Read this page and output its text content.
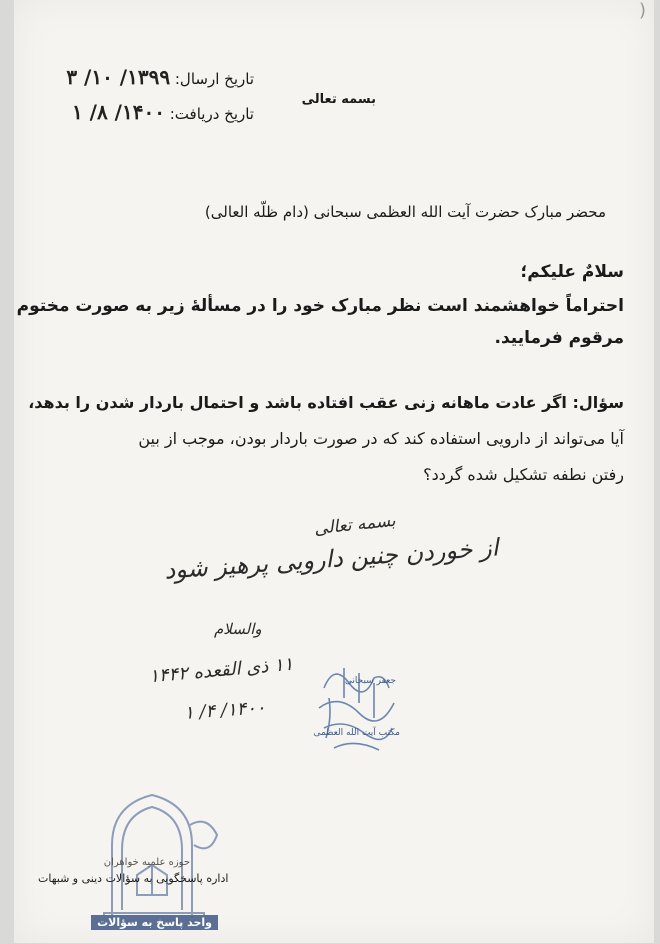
)
تاریخ ارسال: ۱۳۹۹/ ۱۰/ ۳
تاریخ دریافت: ۱۴۰۰/ ۸/ ۱
بسمه تعالی
محضر مبارک حضرت آیت الله العظمی سبحانی (دام ظلّه العالی)
سلامٌ علیکم؛
احتراماً خواهشمند است نظر مبارک خود را در مسألهٔ زیر به صورت مختوم
مرقوم فرمایید.
سؤال: اگر عادت ماهانه زنی عقب افتاده باشد و احتمال باردار شدن را بدهد،
آیا می‌تواند از دارویی استفاده کند که در صورت باردار بودن، موجب از بین
رفتن نطفه تشکیل شده گردد؟
بسمه تعالی
از خوردن چنین دارویی پرهیز شود
والسلام
۱۱ ذی القعده ۱۴۴۲
۱۴۰۰/ ۴/ ۱
جعفر سبحانی
مکتب آیت الله العظمی
حوزه علمیه خواهران
واحد پاسخ به سؤالات
اداره پاسخگویی به سؤالات دینی و شبهات
